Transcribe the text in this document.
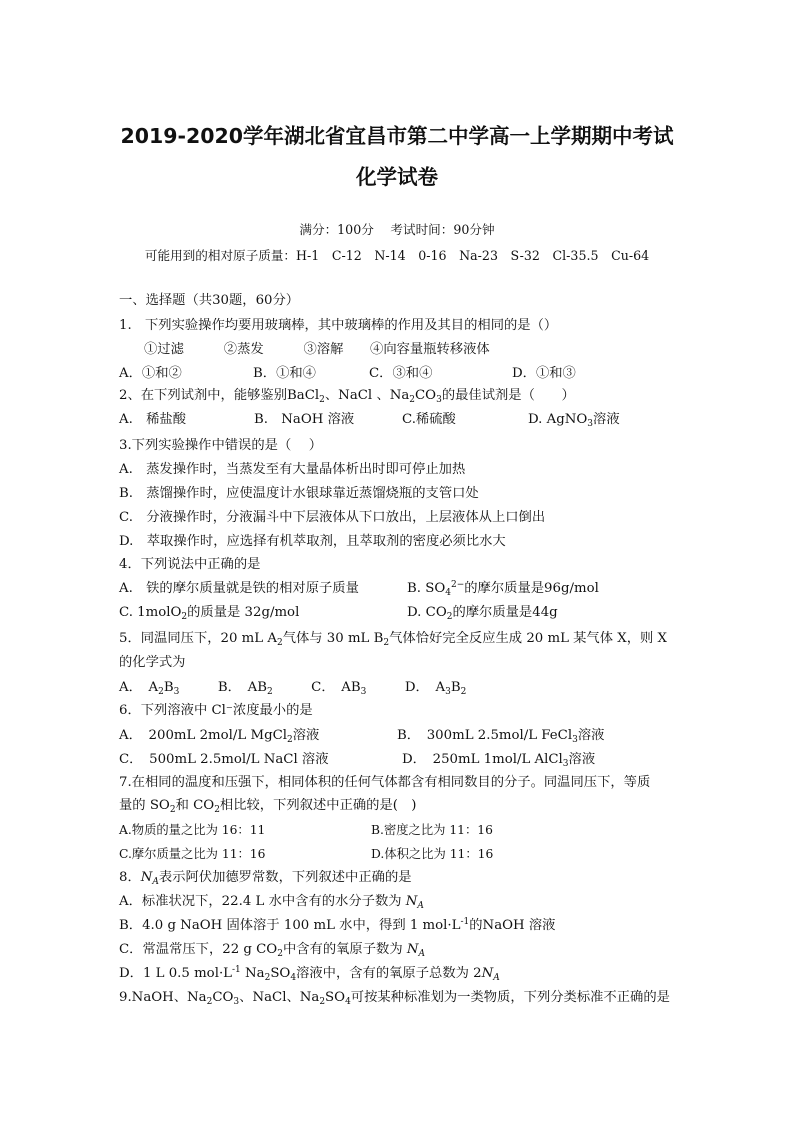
2019-2020学年湖北省宜昌市第二中学高一上学期期中考试
化学试卷
满分：100分　 考试时间：90分钟
可能用到的相对原子质量：H-1　C-12　N-14　0-16　Na-23　S-32　Cl-35.5　Cu-64
一、选择题（共30题，60分）
1.　下列实验操作均要用玻璃棒，其中玻璃棒的作用及其目的相同的是（）
①过滤　　　②蒸发　　　③溶解　　④向容量瓶转移液体
A．①和②	B．①和④	C．③和④	D．①和③
2、在下列试剂中，能够鉴别BaCl$_2$、NaCl 、$Na_2CO_3$的最佳试剂是（　　）
A.　稀盐酸	B.　NaOH 溶液	C.稀硫酸	D. AgNO$_3$溶液
3.下列实验操作中错误的是（　 ）
A.　蒸发操作时，当蒸发至有大量晶体析出时即可停止加热
B.　蒸馏操作时，应使温度计水银球靠近蒸馏烧瓶的支管口处
C.　分液操作时，分液漏斗中下层液体从下口放出，上层液体从上口倒出
D.　萃取操作时，应选择有机萃取剂，且萃取剂的密度必须比水大
4．下列说法中正确的是
A.　铁的摩尔质量就是铁的相对原子质量	B. $SO_4^{2-}$的摩尔质量是96g/mol
C. 1molO$_2$的质量是 32g/mol	D. $CO_2$的摩尔质量是44g
5．同温同压下，20 mL $A_2$气体与 30 mL $B_2$气体恰好完全反应生成 20 mL 某气体 X，则 X
的化学式为
A．　$A_2B_3$	B．　$AB_2$	C．　$AB_3$	D．　$A_3B_2$
6．下列溶液中 Cl⁻浓度最小的是
A．　200mL 2mol/L MgCl$_2$溶液	B．　300mL 2.5mol/L FeCl$_3$溶液
C．　500mL 2.5mol/L NaCl 溶液	D．　250mL 1mol/L AlCl$_3$溶液
7.在相同的温度和压强下，相同体积的任何气体都含有相同数目的分子。同温同压下，等质
量的 $SO_2$和 $CO_2$相比较，下列叙述中正确的是(　)
A.物质的量之比为 16：11	B.密度之比为 11：16
C.摩尔质量之比为 11：16	D.体积之比为 11：16
8．$N_A$表示阿伏加德罗常数，下列叙述中正确的是
A．标准状况下，22.4 L 水中含有的水分子数为 $N_A$
B．4.0 g NaOH 固体溶于 100 mL 水中，得到 1 $mol\cdot L^{-1}$的NaOH 溶液
C．常温常压下，22 g $CO_2$中含有的氧原子数为 $N_A$
D．1 L 0.5 $mol\cdot L^{-1}$ $Na_2SO_4$溶液中，含有的氧原子总数为 $2N_A$
9.NaOH、$Na_2CO_3$、NaCl、$Na_2SO_4$可按某种标准划为一类物质，下列分类标准不正确的是
